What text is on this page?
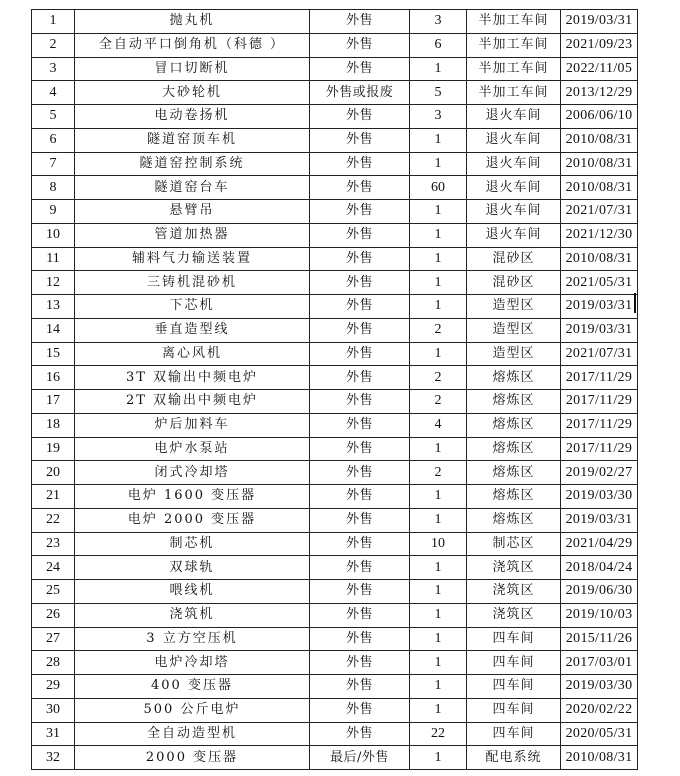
1	抛丸机	外售	3	半加工车间	2019/03/31
2	全自动平口倒角机（科德 ）	外售	6	半加工车间	2021/09/23
3	冒口切断机	外售	1	半加工车间	2022/11/05
4	大砂轮机	外售或报废	5	半加工车间	2013/12/29
5	电动卷扬机	外售	3	退火车间	2006/06/10
6	隧道窑顶车机	外售	1	退火车间	2010/08/31
7	隧道窑控制系统	外售	1	退火车间	2010/08/31
8	隧道窑台车	外售	60	退火车间	2010/08/31
9	悬臂吊	外售	1	退火车间	2021/07/31
10	管道加热器	外售	1	退火车间	2021/12/30
11	辅料气力输送装置	外售	1	混砂区	2010/08/31
12	三铸机混砂机	外售	1	混砂区	2021/05/31
13	下芯机	外售	1	造型区	2019/03/31
14	垂直造型线	外售	2	造型区	2019/03/31
15	离心风机	外售	1	造型区	2021/07/31
16	3T 双输出中频电炉	外售	2	熔炼区	2017/11/29
17	2T 双输出中频电炉	外售	2	熔炼区	2017/11/29
18	炉后加料车	外售	4	熔炼区	2017/11/29
19	电炉水泵站	外售	1	熔炼区	2017/11/29
20	闭式冷却塔	外售	2	熔炼区	2019/02/27
21	电炉 1600 变压器	外售	1	熔炼区	2019/03/30
22	电炉 2000 变压器	外售	1	熔炼区	2019/03/31
23	制芯机	外售	10	制芯区	2021/04/29
24	双球轨	外售	1	浇筑区	2018/04/24
25	喂线机	外售	1	浇筑区	2019/06/30
26	浇筑机	外售	1	浇筑区	2019/10/03
27	3 立方空压机	外售	1	四车间	2015/11/26
28	电炉冷却塔	外售	1	四车间	2017/03/01
29	400 变压器	外售	1	四车间	2019/03/30
30	500 公斤电炉	外售	1	四车间	2020/02/22
31	全自动造型机	外售	22	四车间	2020/05/31
32	2000 变压器	最后/外售	1	配电系统	2010/08/31
